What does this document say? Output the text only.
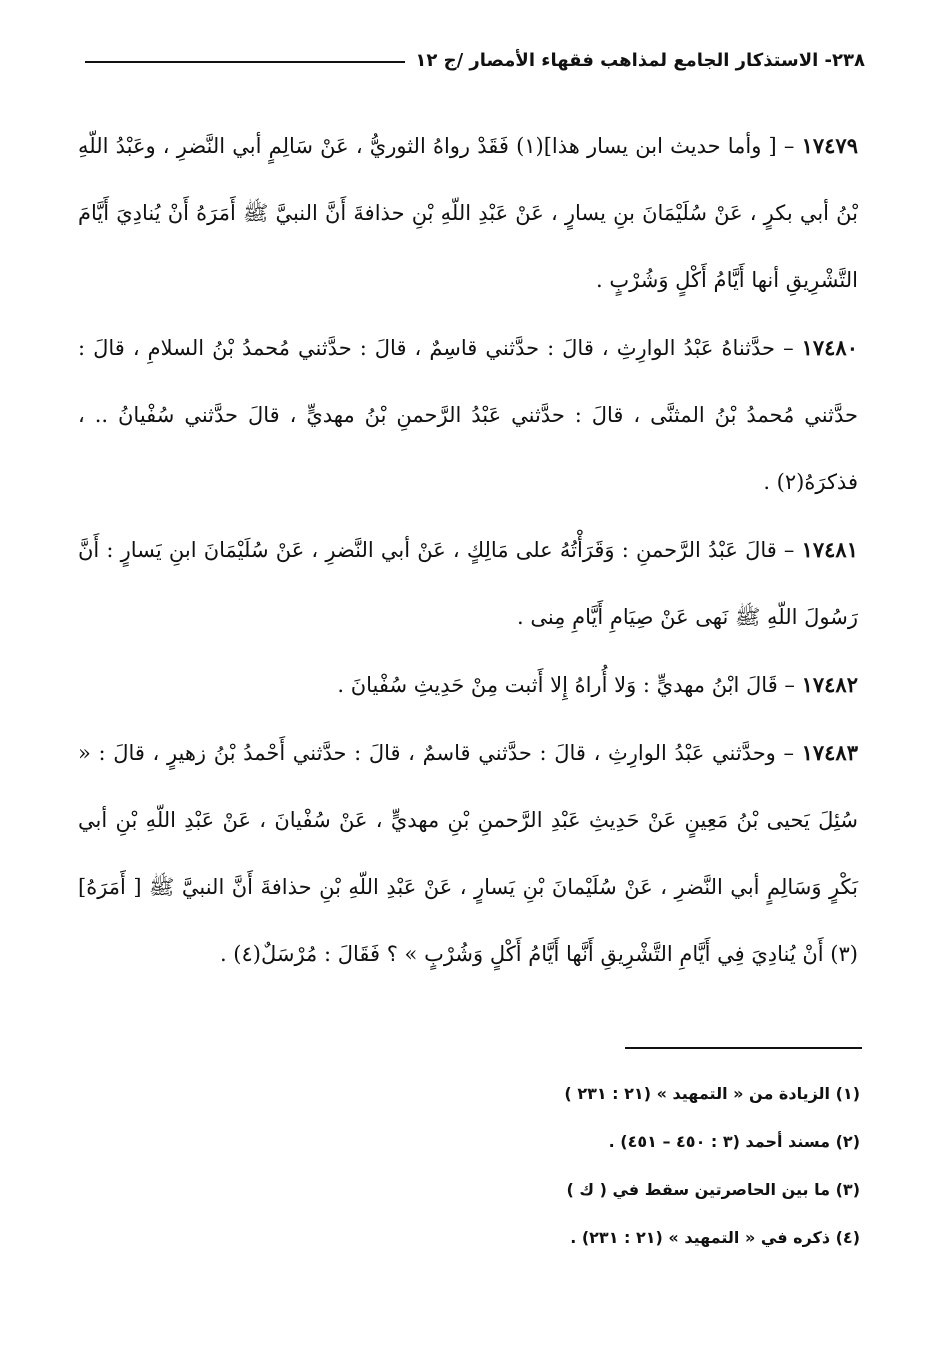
٢٣٨- الاستذكار الجامع لمذاهب فقهاء الأمصار /ج ١٢

١٧٤٧٩ – [ وأما حديث ابن يسار هذا](١) فَقَدْ رواهُ الثوريُّ ، عَنْ سَالِمٍ أبي النَّضرِ ، وعَبْدُ اللّهِ بْنُ أبي بكرٍ ، عَنْ سُلَيْمَانَ بنِ يسارٍ ، عَنْ عَبْدِ اللّهِ بْنِ حذافةَ أَنَّ النبيَّ ﷺ أَمَرَهُ أَنْ يُنادِيَ أَيَّامَ التَّشْرِيقِ أنها أَيَّامُ أَكْلٍ وَشُرْبٍ .

١٧٤٨٠ – حدَّثناهُ عَبْدُ الوارِثِ ، قالَ : حدَّثني قاسِمٌ ، قالَ : حدَّثني مُحمدُ بْنُ السلامِ ، قالَ : حدَّثني مُحمدُ بْنُ المثنَّى ، قالَ : حدَّثني عَبْدُ الرَّحمنِ بْنُ مهديٍّ ، قالَ حدَّثني سُفْيانُ .. ، فذكرَهُ(٢) .

١٧٤٨١ – قالَ عَبْدُ الرَّحمنِ : وَقَرَأْتُهُ على مَالِكٍ ، عَنْ أبي النَّضرِ ، عَنْ سُلَيْمَانَ ابنِ يَسارٍ : أَنَّ رَسُولَ اللّهِ ﷺ نَهى عَنْ صِيَامِ أَيَّامِ مِنى .

١٧٤٨٢ – قَالَ ابْنُ مهديٍّ : وَلا أُراهُ إِلا أَثبت مِنْ حَدِيثِ سُفْيانَ .

١٧٤٨٣ – وحدَّثني عَبْدُ الوارِثِ ، قالَ : حدَّثني قاسمٌ ، قالَ : حدَّثني أَحْمدُ بْنُ زهيرٍ ، قالَ : « سُئِلَ يَحيى بْنُ مَعِينٍ عَنْ حَدِيثِ عَبْدِ الرَّحمنِ بْنِ مهديٍّ ، عَنْ سُفْيانَ ، عَنْ عَبْدِ اللّهِ بْنِ أبي بَكْرٍ وَسَالِمٍ أبي النَّضرِ ، عَنْ سُلَيْمانَ بْنِ يَسارٍ ، عَنْ عَبْدِ اللّهِ بْنِ حذافةَ أَنَّ النبيَّ ﷺ [ أَمَرَهُ](٣) أَنْ يُنادِيَ فِي أَيَّامِ التَّشْرِيقِ أَنَّها أَيَّامُ أَكْلٍ وَشُرْبٍ » ؟ فَقَالَ : مُرْسَلٌ(٤) .

(١) الزيادة من « التمهيد » (٢١ : ٢٣١ )

(٢) مسند أحمد (٣ : ٤٥٠ – ٤٥١) .

(٣) ما بين الحاصرتين سقط في ( ك )

(٤) ذكره في « التمهيد » (٢١ : ٢٣١) .
